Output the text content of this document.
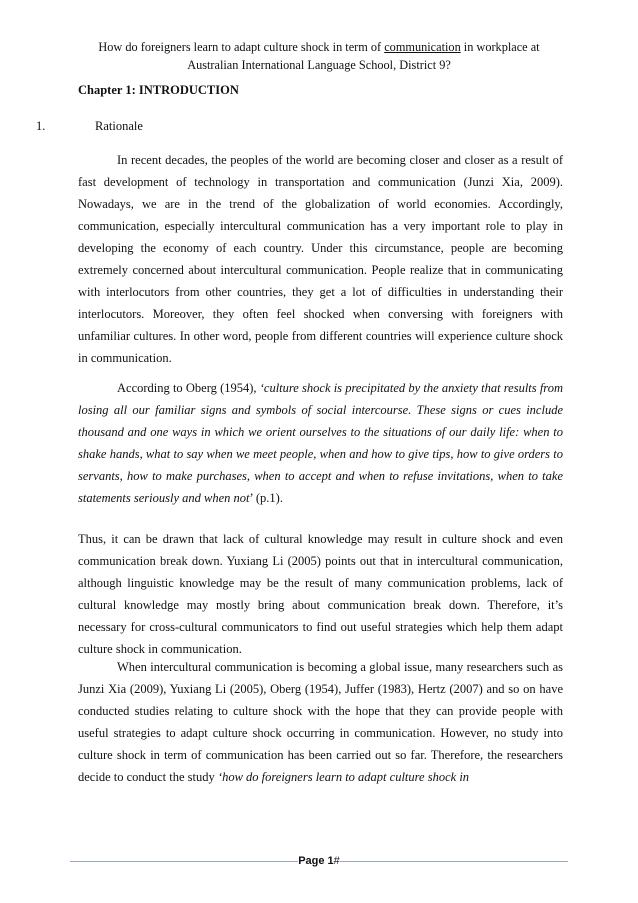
How do foreigners learn to adapt culture shock in term of communication in workplace at
Australian International Language School, District 9?
Chapter 1: INTRODUCTION
1.	Rationale

In recent decades, the peoples of the world are becoming closer and closer as a result of fast development of technology in transportation and communication (Junzi Xia, 2009). Nowadays, we are in the trend of the globalization of world economies. Accordingly, communication, especially intercultural communication has a very important role to play in developing the economy of each country. Under this circumstance, people are becoming extremely concerned about intercultural communication. People realize that in communicating with interlocutors from other countries, they get a lot of difficulties in understanding their interlocutors. Moreover, they often feel shocked when conversing with foreigners with unfamiliar cultures. In other word, people from different countries will experience culture shock in communication.

According to Oberg (1954), ‘culture shock is precipitated by the anxiety that results from losing all our familiar signs and symbols of social intercourse. These signs or cues include thousand and one ways in which we orient ourselves to the situations of our daily life: when to shake hands, what to say when we meet people, when and how to give tips, how to give orders to servants, how to make purchases, when to accept and when to refuse invitations, when to take statements seriously and when not’ (p.1).

Thus, it can be drawn that lack of cultural knowledge may result in culture shock and even communication break down. Yuxiang Li (2005) points out that in intercultural communication, although linguistic knowledge may be the result of many communication problems, lack of cultural knowledge may mostly bring about communication break down. Therefore, it’s necessary for cross-cultural communicators to find out useful strategies which help them adapt culture shock in communication.

When intercultural communication is becoming a global issue, many researchers such as Junzi Xia (2009), Yuxiang Li (2005), Oberg (1954), Juffer (1983), Hertz (2007) and so on have conducted studies relating to culture shock with the hope that they can provide people with useful strategies to adapt culture shock occurring in communication. However, no study into culture shock in term of communication has been carried out so far. Therefore, the researchers decide to conduct the study ‘how do foreigners learn to adapt culture shock in

Page 1#
